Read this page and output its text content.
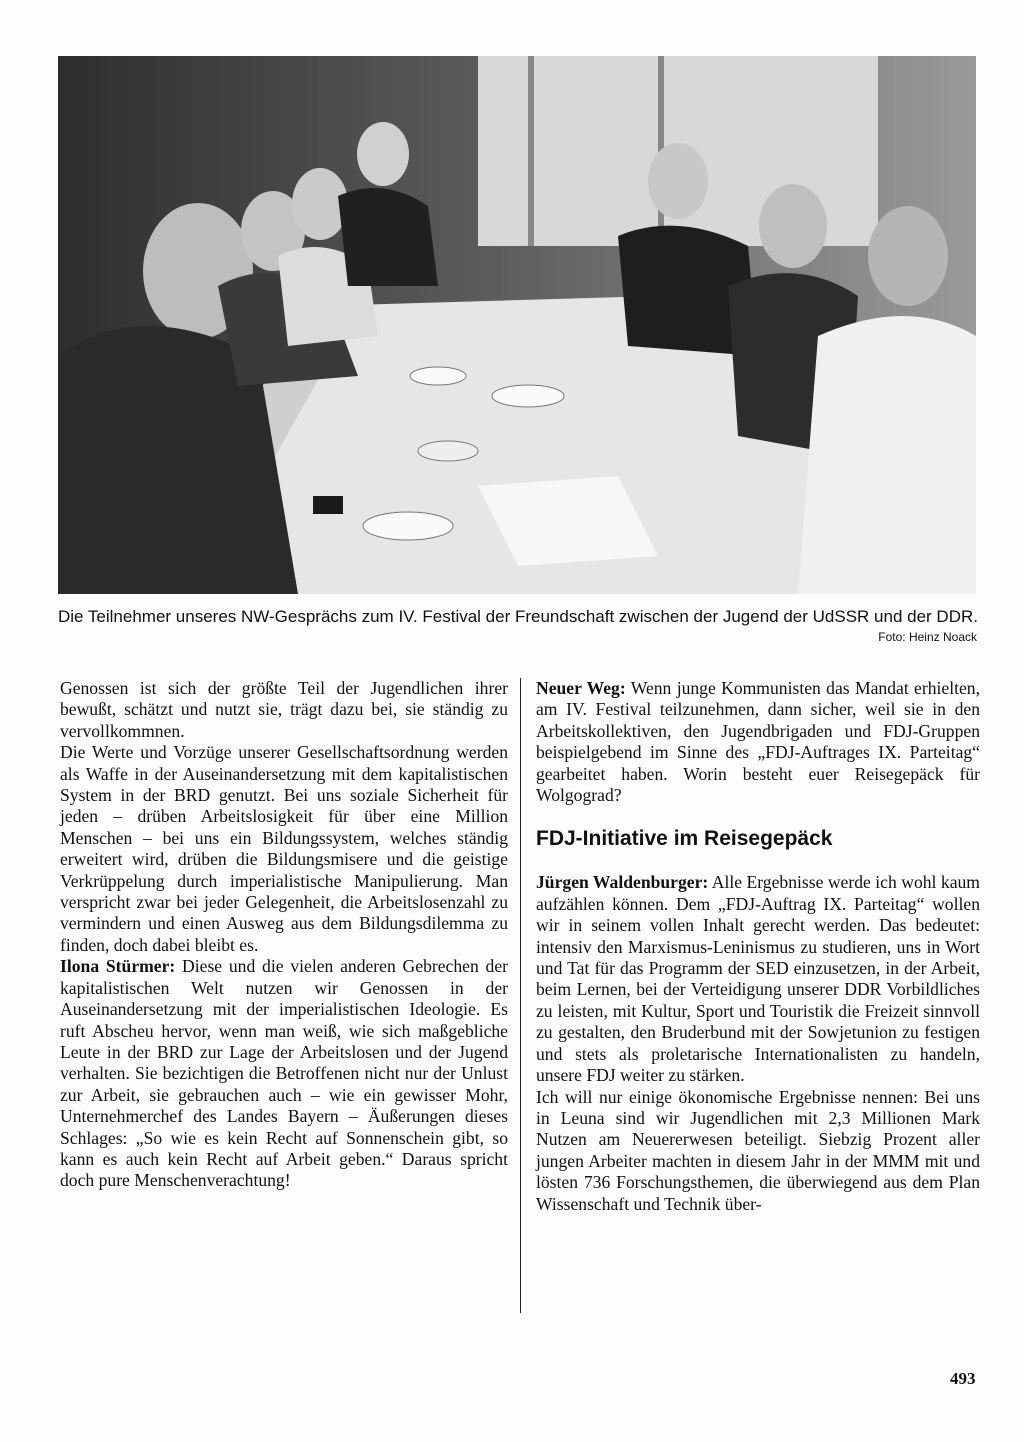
Die Teilnehmer unseres NW-Gesprächs zum IV. Festival der Freundschaft zwischen der Jugend der UdSSR und der DDR.
Foto: Heinz Noack

Genossen ist sich der größte Teil der Jugendlichen ihrer bewußt, schätzt und nutzt sie, trägt dazu bei, sie ständig zu vervollkommnen.

Die Werte und Vorzüge unserer Gesellschaftsordnung werden als Waffe in der Auseinandersetzung mit dem kapitalistischen System in der BRD genutzt. Bei uns soziale Sicherheit für jeden – drüben Arbeitslosigkeit für über eine Million Menschen – bei uns ein Bildungssystem, welches ständig erweitert wird, drüben die Bildungsmisere und die geistige Verkrüppelung durch imperialistische Manipulierung. Man verspricht zwar bei jeder Gelegenheit, die Arbeitslosenzahl zu vermindern und einen Ausweg aus dem Bildungsdilemma zu finden, doch dabei bleibt es.

Ilona Stürmer: Diese und die vielen anderen Gebrechen der kapitalistischen Welt nutzen wir Genossen in der Auseinandersetzung mit der imperialistischen Ideologie. Es ruft Abscheu hervor, wenn man weiß, wie sich maßgebliche Leute in der BRD zur Lage der Arbeitslosen und der Jugend verhalten. Sie bezichtigen die Betroffenen nicht nur der Unlust zur Arbeit, sie gebrauchen auch – wie ein gewisser Mohr, Unternehmerchef des Landes Bayern – Äußerungen dieses Schlages: „So wie es kein Recht auf Sonnenschein gibt, so kann es auch kein Recht auf Arbeit geben.“ Daraus spricht doch pure Menschenverachtung!

Neuer Weg: Wenn junge Kommunisten das Mandat erhielten, am IV. Festival teilzunehmen, dann sicher, weil sie in den Arbeitskollektiven, den Jugendbrigaden und FDJ-Gruppen beispielgebend im Sinne des „FDJ-Auftrages IX. Parteitag“ gearbeitet haben. Worin besteht euer Reisegepäck für Wolgograd?

FDJ-Initiative im Reisegepäck

Jürgen Waldenburger: Alle Ergebnisse werde ich wohl kaum aufzählen können. Dem „FDJ-Auftrag IX. Parteitag“ wollen wir in seinem vollen Inhalt gerecht werden. Das bedeutet: intensiv den Marxismus-Leninismus zu studieren, uns in Wort und Tat für das Programm der SED einzusetzen, in der Arbeit, beim Lernen, bei der Verteidigung unserer DDR Vorbildliches zu leisten, mit Kultur, Sport und Touristik die Freizeit sinnvoll zu gestalten, den Bruderbund mit der Sowjetunion zu festigen und stets als proletarische Internationalisten zu handeln, unsere FDJ weiter zu stärken.

Ich will nur einige ökonomische Ergebnisse nennen: Bei uns in Leuna sind wir Jugendlichen mit 2,3 Millionen Mark Nutzen am Neuererwesen beteiligt. Siebzig Prozent aller jungen Arbeiter machten in diesem Jahr in der MMM mit und lösten 736 Forschungsthemen, die überwiegend aus dem Plan Wissenschaft und Technik über-

493
